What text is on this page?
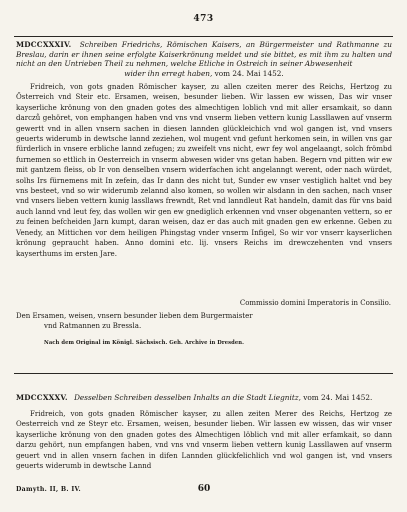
473
MDCCXXXIV. Schreiben Friedrichs, Römischen Kaisers, an Bürgermeister und Rathmanne zu Breslau, darin er ihnen seine erfolgte Kaiserkrönung meldet und sie bittet, es mit ihm zu halten und nicht an den Untrieben Theil zu nehmen, welche Etliche in Ostreich in seiner Abwesenheit
wider ihn erregt haben, vom 24. Mai 1452.

Fridreich, von gots gnaden Römischer kayser, zu allen czeiten merer des Reichs, Hertzog zu Ősterreich vnd Steir etc. Ersamen, weisen, besunder lieben. Wir lassen ew wissen, Das wir vnser kayserliche krönung von den gnaden gotes des almechtigen loblich vnd mit aller ersamkait, so dann darczů gehöret, von emphangen haben vnd vns vnd vnserm lieben vettern kunig Lassllawen auf vnserm gewertt vnd in allen vnsern sachen in diesen lannden glückleichich vnd wol gangen ist, vnd vnsers geuerts widerumb in dewtsche lannd zeziehen, wol mugent vnd gefunt herkomen sein, in willen vns gar fürderlich in vnsere erbliche lannd zefugen; zu zweifelt vns nicht, ewr fey wol angelaangt, solch frömbd furnemen so ettlich in Oesterreich in vnserm abwesen wider vns getan haben. Begern vnd pitten wir ew mit gantzem fleiss, ob Ir von denselben vnsern widerfachen icht angelanngt werent, oder nach würdet, solhs Irs fürnemens mit In zefein, das Ir dann des nicht tut, Sunder ew vnser vestiglich haltet vnd bey vns besteet, vnd so wir widerumb zelannd also komen, so wollen wir alsdann in den sachen, nach vnser vnd vnsers lieben vettern kunig lassllaws frewndt, Ret vnd lanndleut Rat handeln, damit das für vns baid auch lannd vnd leut fey, das wollen wir gen ew gnediglich erkennen vnd vnser obgenanten vettern, so er zu feinen befcheiden Jarn kumpt, daran weisen, daz er das auch mit gnaden gen ew erkenne. Geben zu Venedy, an Mittichen vor dem heiligen Phingstag vnder vnserm Infigel, So wir vor vnserr kayserlichen krönung gepraucht haben. Anno domini etc. lij. vnsers Reichs im drewczehenten vnd vnsers kayserthums im ersten Jare.

Commissio domini Imperatoris in Consilio.
Den Ersamen, weisen, vnsern besunder lieben dem Burgermaister
vnd Ratmannen zu Bressla.
Nach dem Original im Königl. Sächsisch. Geh. Archive in Dresden.
MDCCXXXV. Desselben Schreiben desselben Inhalts an die Stadt Liegnitz, vom 24. Mai 1452.

Fridreich, von gots gnaden Römischer kayser, zu allen zeiten Merer des Reichs, Hertzog ze Oesterreich vnd ze Steyr etc. Ersamen, weisen, besunder lieben. Wir lassen ew wissen, das wir vnser kayserliche krönung von den gnaden gotes des Almechtigen löblich vnd mit aller erfamkait, so dann darzu gehört, nun empfangen haben, vnd vns vnd vnserm lieben vettern kunig Lassllawen auf vnserm geuert vnd in allen vnsern fachen in difen Lannden glückfelichlich vnd wol gangen ist, vnd vnsers geuerts widerumb in dewtsche Lannd

Damyth. II, B. IV.	60
